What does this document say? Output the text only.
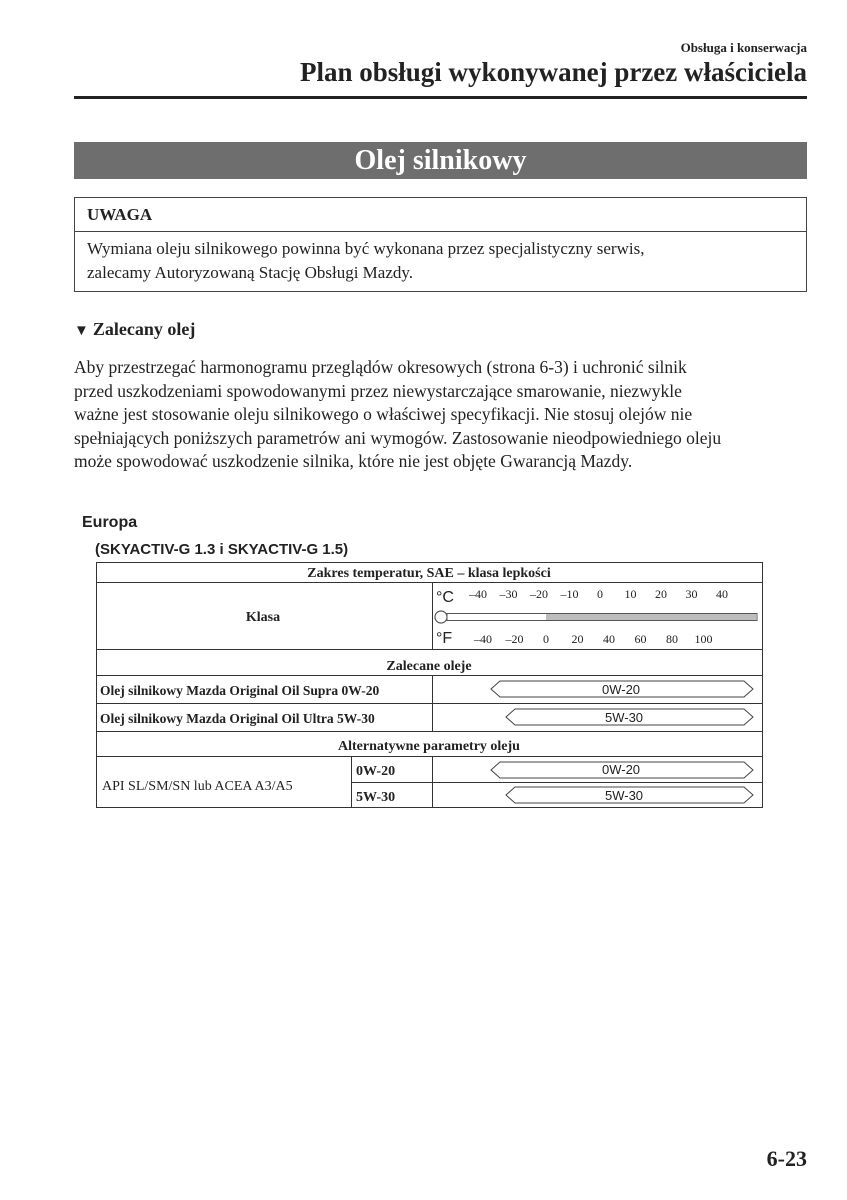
Obsługa i konserwacja
Plan obsługi wykonywanej przez właściciela
Olej silnikowy
UWAGA
Wymiana oleju silnikowego powinna być wykonana przez specjalistyczny serwis,
zalecamy Autoryzowaną Stację Obsługi Mazdy.
▼ Zalecany olej
Aby przestrzegać harmonogramu przeglądów okresowych (strona 6-3) i uchronić silnik
przed uszkodzeniami spowodowanymi przez niewystarczające smarowanie, niezwykle
ważne jest stosowanie oleju silnikowego o właściwej specyfikacji. Nie stosuj olejów nie
spełniających poniższych parametrów ani wymogów. Zastosowanie nieodpowiedniego oleju
może spowodować uszkodzenie silnika, które nie jest objęte Gwarancją Mazdy.
Europa
(SKYACTIV-G 1.3 i SKYACTIV-G 1.5)
Zakres temperatur, SAE – klasa lepkości
Klasa
°C
°F
–40 –30 –20 –10 0 10 20 30 40
–40 –20 0 20 40 60 80 100
Zalecane oleje
Olej silnikowy Mazda Original Oil Supra 0W-20
Olej silnikowy Mazda Original Oil Ultra 5W-30
0W-20
5W-30
Alternatywne parametry oleju
API SL/SM/SN lub ACEA A3/A5
0W-20
5W-30
0W-20
5W-30
6-23
